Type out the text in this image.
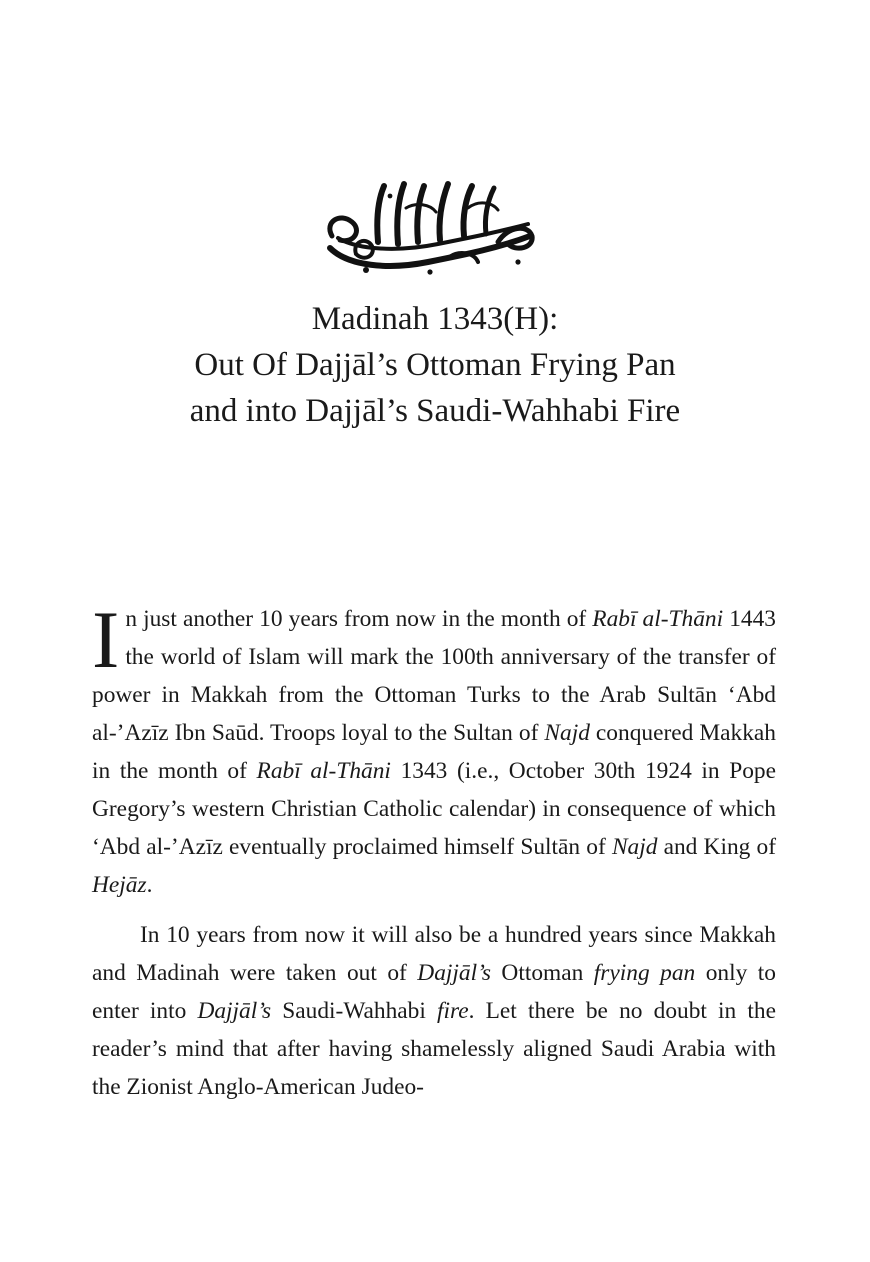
Madinah 1343(H):
Out Of Dajjāl’s Ottoman Frying Pan
and into Dajjāl’s Saudi-Wahhabi Fire

In just another 10 years from now in the month of Rabī al-Thāni 1443 the world of Islam will mark the 100th anniversary of the transfer of power in Makkah from the Ottoman Turks to the Arab Sultān ‘Abd al-’Azīz Ibn Saūd. Troops loyal to the Sultan of Najd conquered Makkah in the month of Rabī al-Thāni 1343 (i.e., October 30th 1924 in Pope Gregory’s western Christian Catholic calendar) in consequence of which ‘Abd al-’Azīz eventually proclaimed himself Sultān of Najd and King of Hejāz.

In 10 years from now it will also be a hundred years since Makkah and Madinah were taken out of Dajjāl’s Ottoman frying pan only to enter into Dajjāl’s Saudi-Wahhabi fire. Let there be no doubt in the reader’s mind that after having shamelessly aligned Saudi Arabia with the Zionist Anglo-American Judeo-
